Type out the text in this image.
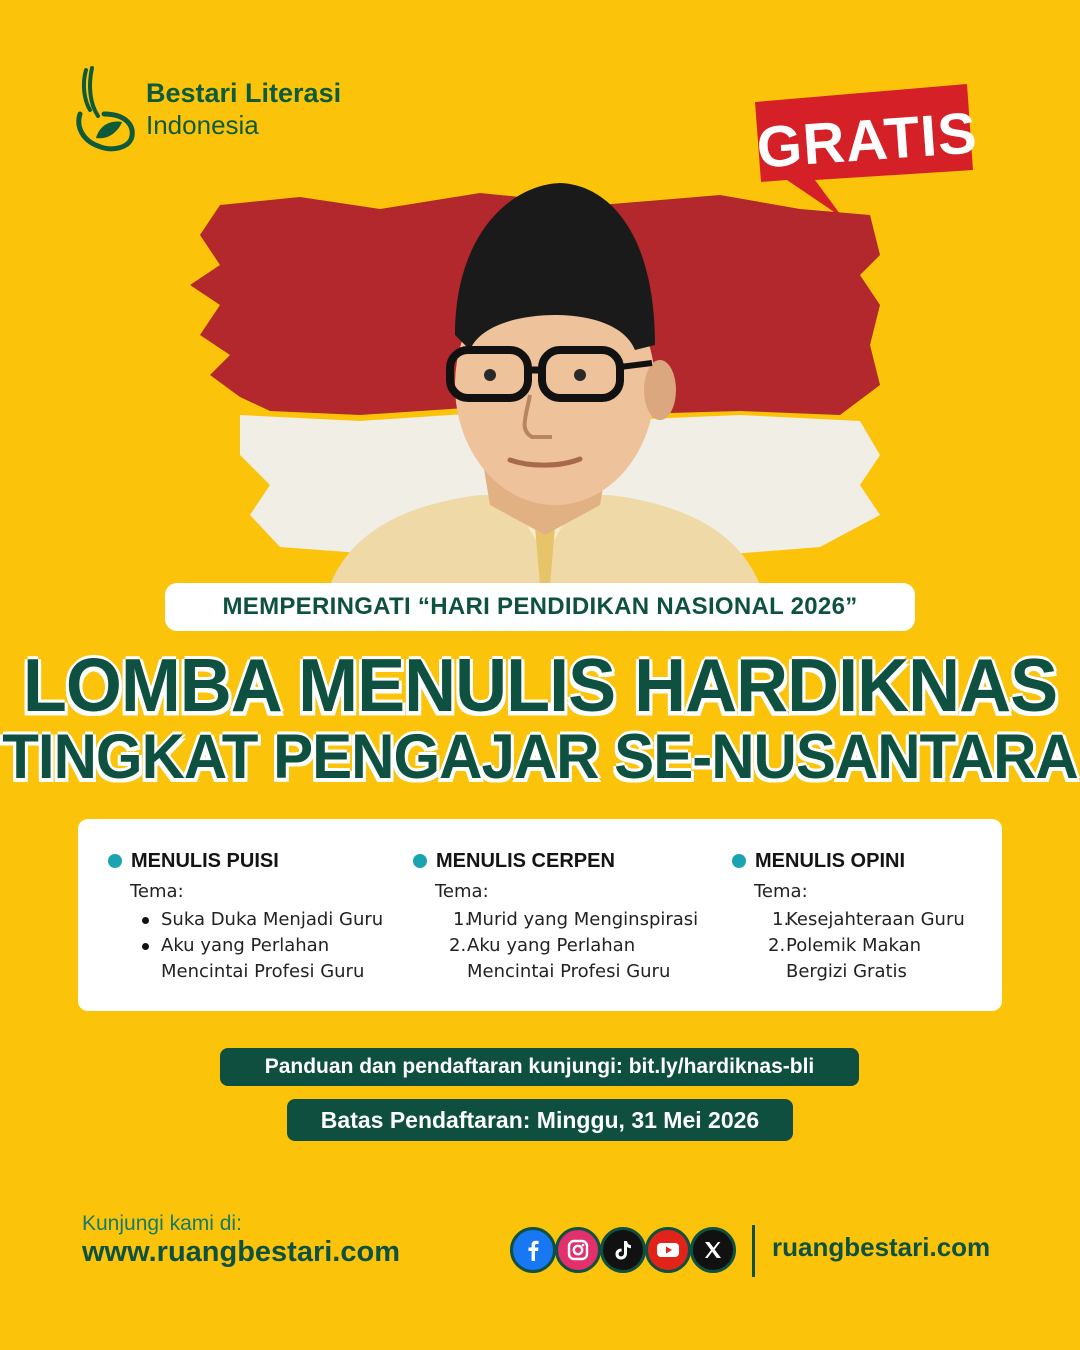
Bestari Literasi
Indonesia	GRATIS
MEMPERINGATI “HARI PENDIDIKAN NASIONAL 2026”
LOMBA MENULIS HARDIKNAS
TINGKAT PENGAJAR SE-NUSANTARA
MENULIS PUISI
Tema:
Suka Duka Menjadi Guru
Aku yang Perlahan
Mencintai Profesi Guru
MENULIS CERPEN
Tema:
1.
Murid yang Menginspirasi
2. Aku yang Perlahan
Mencintai Profesi Guru
MENULIS OPINI
Tema:
1.
Kesejahteraan Guru
2. Polemik Makan
Bergizi Gratis
Panduan dan pendaftaran kunjungi: bit.ly/hardiknas-bli
Batas Pendaftaran: Minggu, 31 Mei 2026
Kunjungi kami di:
www.ruangbestari.com	ruangbestari.com
